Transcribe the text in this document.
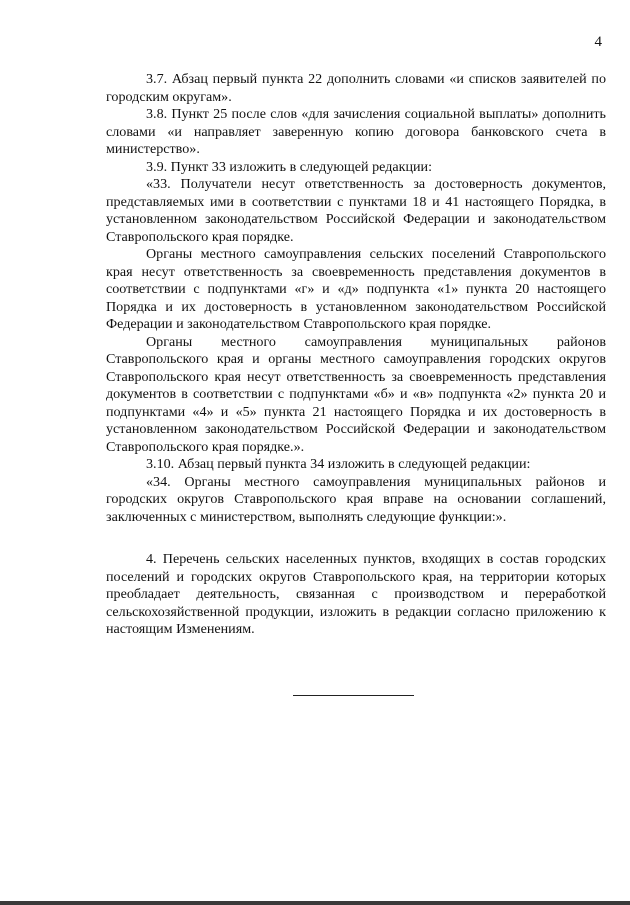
4

3.7. Абзац первый пункта 22 дополнить словами «и списков заявителей по городским округам».

3.8. Пункт 25 после слов «для зачисления социальной выплаты» дополнить словами «и направляет заверенную копию договора банковского счета в министерство».

3.9. Пункт 33 изложить в следующей редакции:

«33. Получатели несут ответственность за достоверность документов, представляемых ими в соответствии с пунктами 18 и 41 настоящего Порядка, в установленном законодательством Российской Федерации и законодательством Ставропольского края порядке.

Органы местного самоуправления сельских поселений Ставропольского края несут ответственность за своевременность представления документов в соответствии с подпунктами «г» и «д» подпункта «1» пункта 20 настоящего Порядка и их достоверность в установленном законодательством Российской Федерации и законодательством Ставропольского края порядке.

Органы местного самоуправления муниципальных районов Ставропольского края и органы местного самоуправления городских округов Ставропольского края несут ответственность за своевременность представления документов в соответствии с подпунктами «б» и «в» подпункта «2» пункта 20 и подпунктами «4» и «5» пункта 21 настоящего Порядка и их достоверность в установленном законодательством Российской Федерации и законодательством Ставропольского края порядке.».

3.10. Абзац первый пункта 34 изложить в следующей редакции:

«34. Органы местного самоуправления муниципальных районов и городских округов Ставропольского края вправе на основании соглашений, заключенных с министерством, выполнять следующие функции:».

4. Перечень сельских населенных пунктов, входящих в состав городских поселений и городских округов Ставропольского края, на территории которых преобладает деятельность, связанная с производством и переработкой сельскохозяйственной продукции, изложить в редакции согласно приложению к настоящим Изменениям.
